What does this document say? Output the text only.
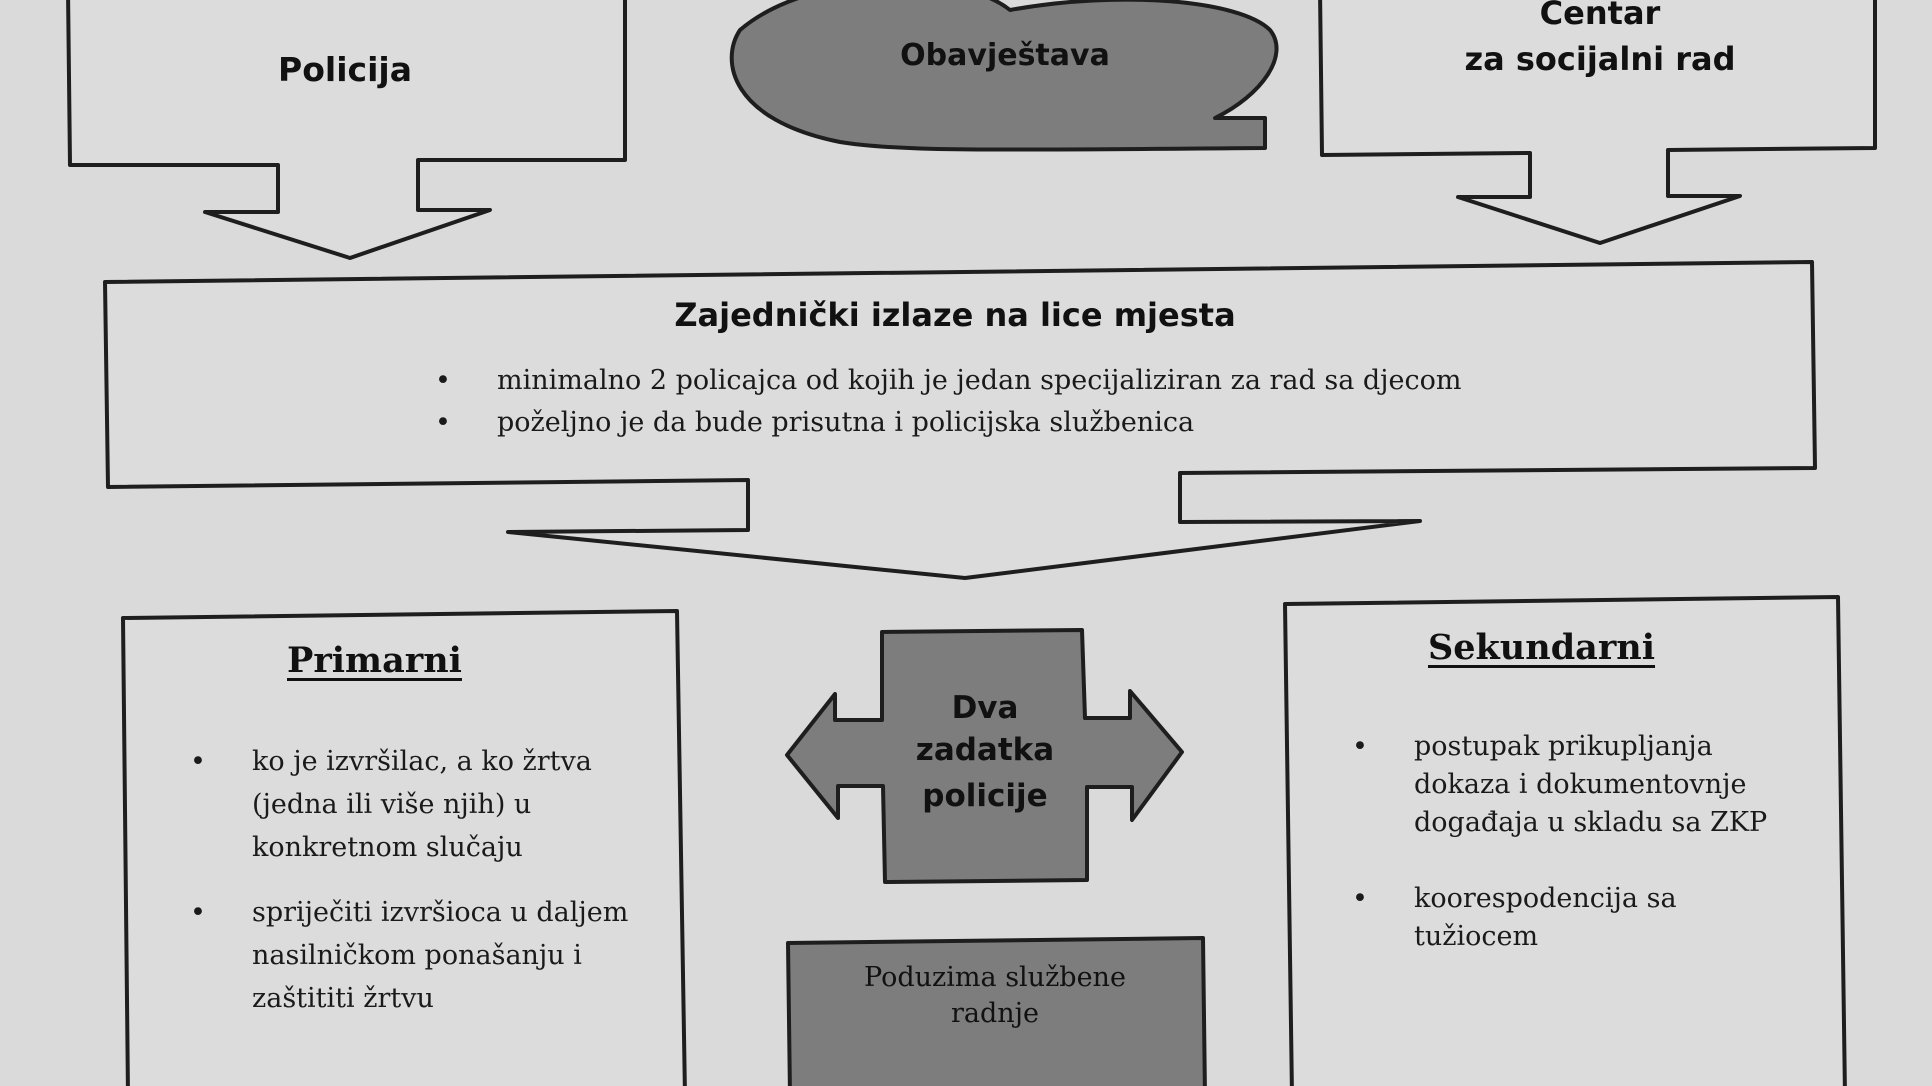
Policija	Obavještava
Centar
za socijalni rad
Zajednički izlaze na lice mjesta
• minimalno 2 policajca od kojih je jedan specijaliziran za rad sa djecom
• poželjno je da bude prisutna i policijska službenica
Primarni
• ko je izvršilac, a ko žrtva (jedna ili više njih) u konkretnom slučaju
• spriječiti izvršioca u daljem nasilničkom ponašanju i zaštititi žrtvu
Dva
zadatka
policije
Sekundarni
• postupak prikupljanja dokaza i dokumentovnje događaja u skladu sa ZKP
• koorespodencija sa tužiocem
Poduzima službene
radnje
